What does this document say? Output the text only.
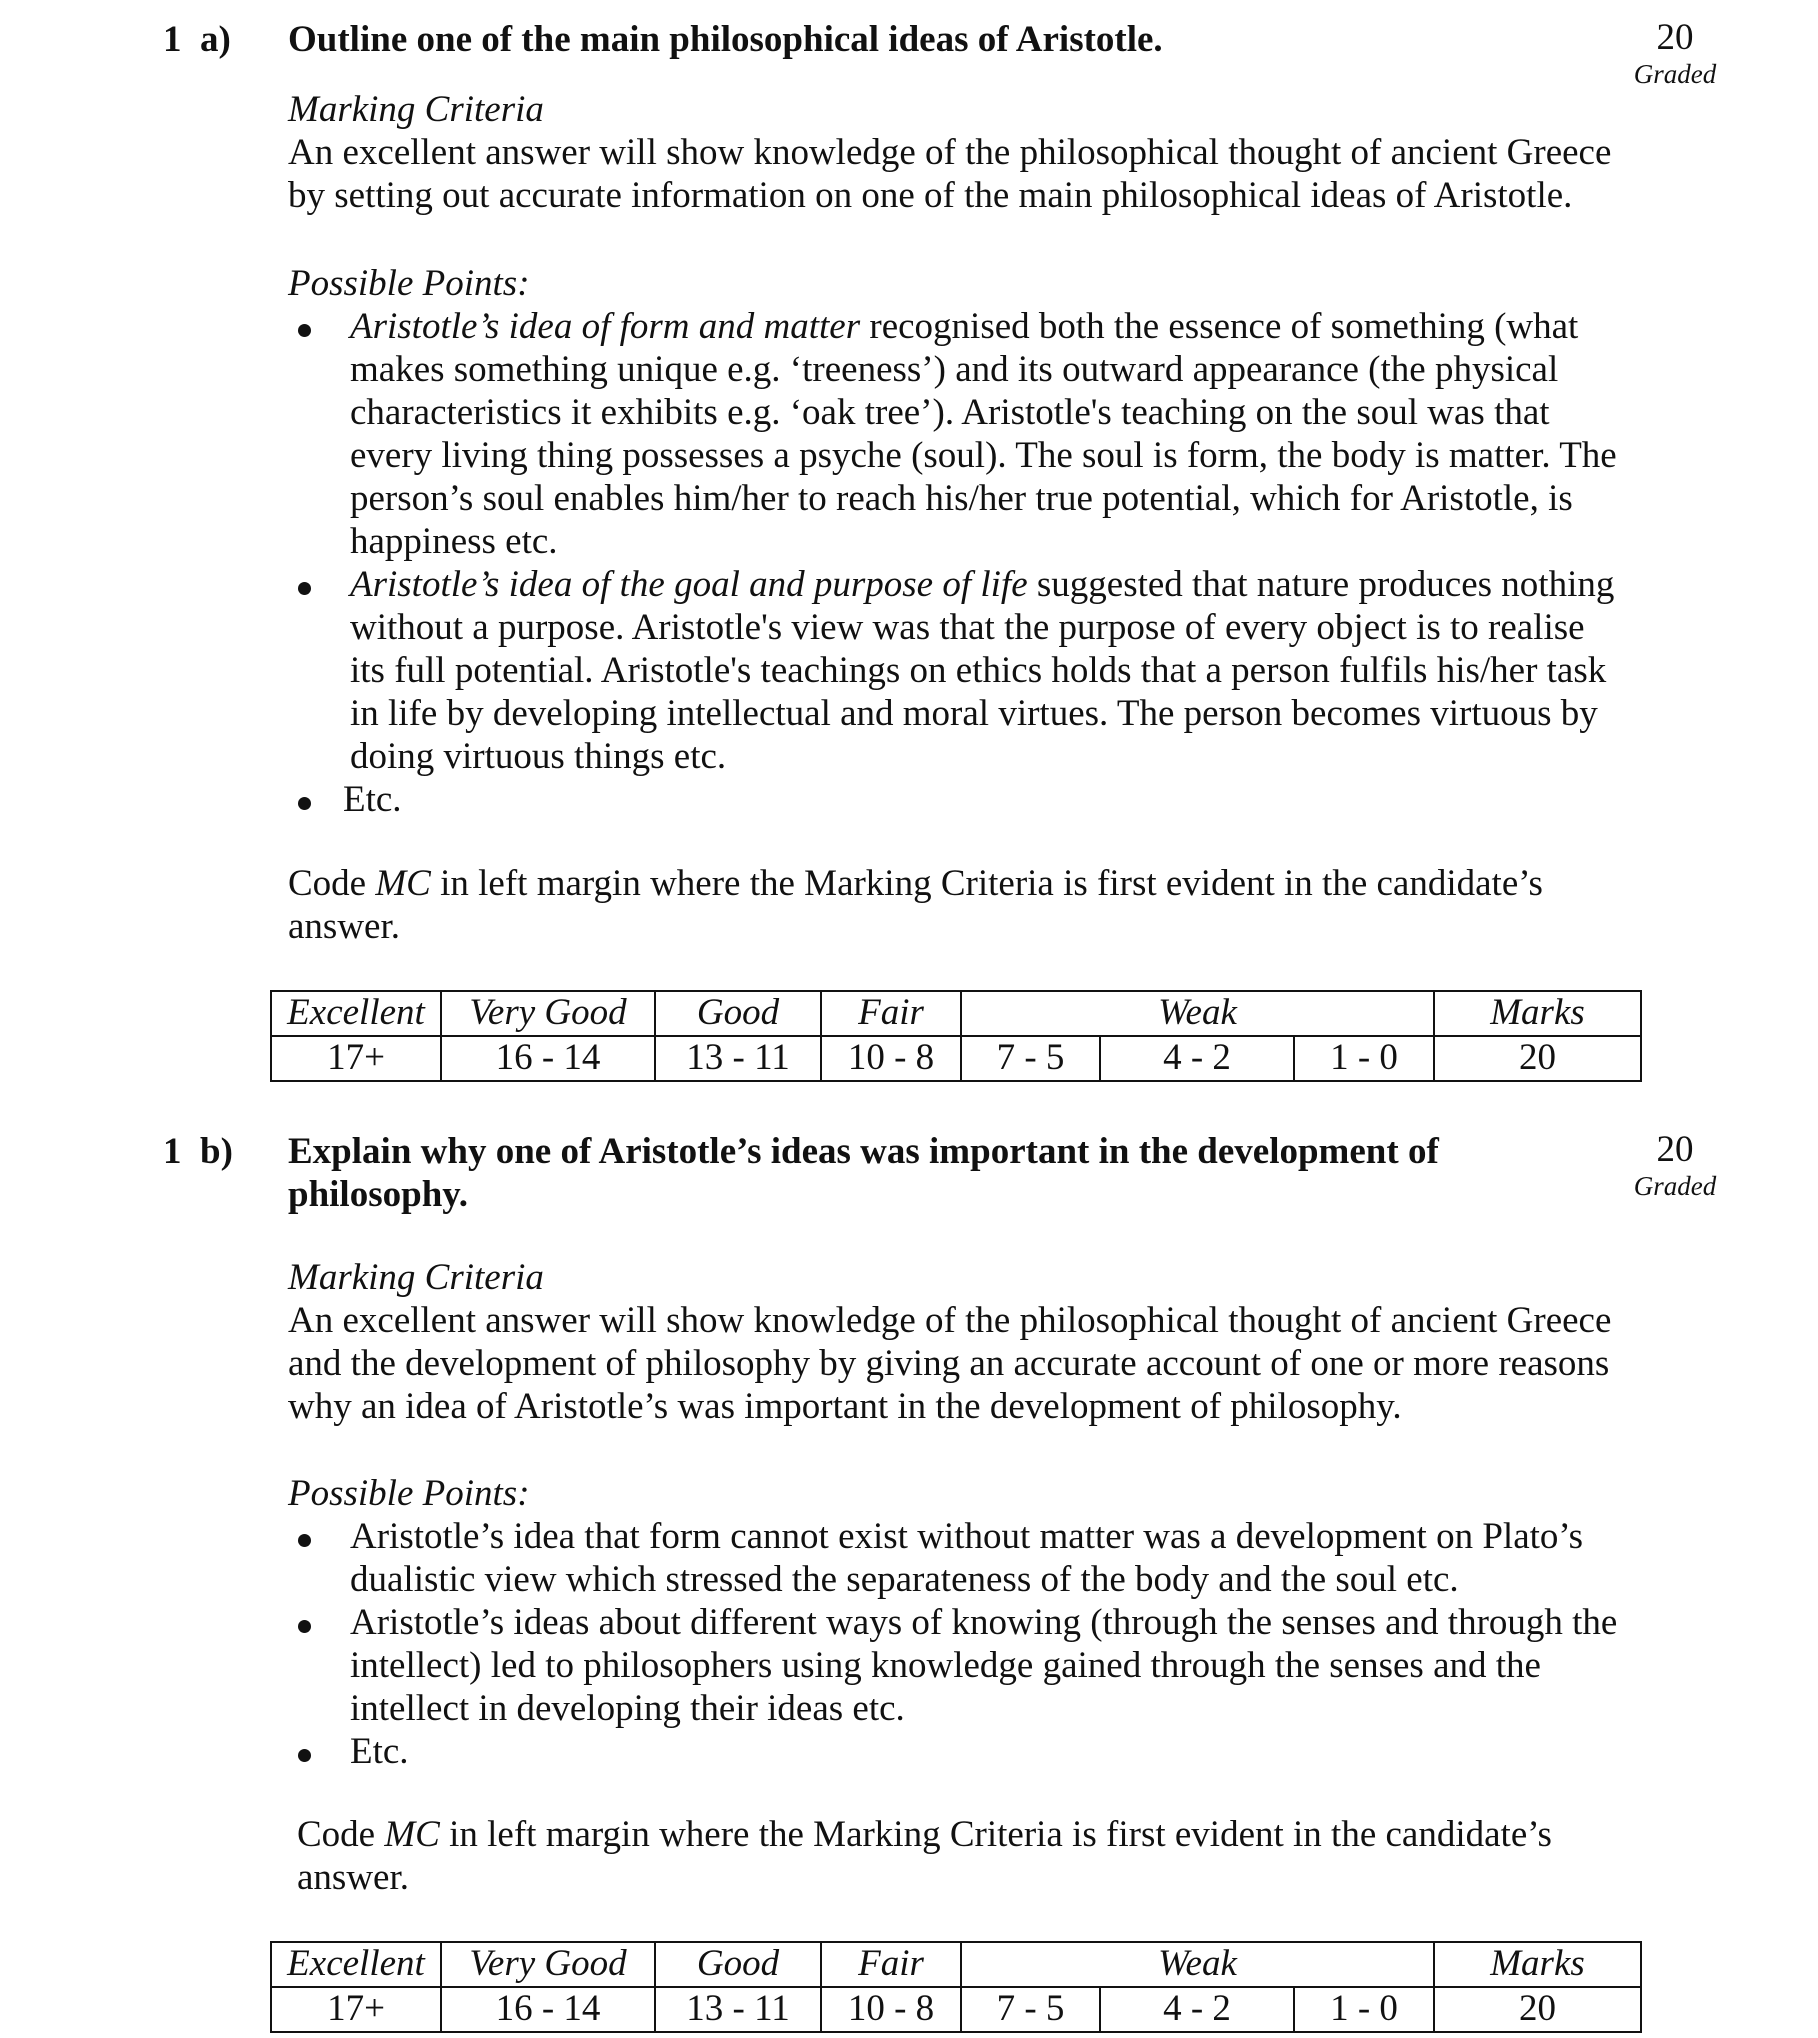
1 a) Outline one of the main philosophical ideas of Aristotle.	20
Graded

Marking Criteria

An excellent answer will show knowledge of the philosophical thought of ancient Greece by setting out accurate information on one of the main philosophical ideas of Aristotle.

Possible Points:

Aristotle’s idea of form and matter recognised both the essence of something (what makes something unique e.g. ‘treeness’) and its outward appearance (the physical characteristics it exhibits e.g. ‘oak tree’). Aristotle's teaching on the soul was that every living thing possesses a psyche (soul). The soul is form, the body is matter. The person’s soul enables him/her to reach his/her true potential, which for Aristotle, is happiness etc.
Aristotle’s idea of the goal and purpose of life suggested that nature produces nothing without a purpose. Aristotle's view was that the purpose of every object is to realise its full potential. Aristotle's teachings on ethics holds that a person fulfils his/her task in life by developing intellectual and moral virtues. The person becomes virtuous by doing virtuous things etc.
Etc.
Code MC in left margin where the Marking Criteria is first evident in the candidate’s answer.
Excellent	Very Good	Good	Fair	Weak			Marks
17+	16 - 14	13 - 11	10 - 8	7 - 5	4 - 2	1 - 0	20
1 b) Explain why one of Aristotle’s ideas was important in the development of philosophy.
20
Graded

Marking Criteria

An excellent answer will show knowledge of the philosophical thought of ancient Greece and the development of philosophy by giving an accurate account of one or more reasons why an idea of Aristotle’s was important in the development of philosophy.

Possible Points:

Aristotle’s idea that form cannot exist without matter was a development on Plato’s dualistic view which stressed the separateness of the body and the soul etc.
Aristotle’s ideas about different ways of knowing (through the senses and through the intellect) led to philosophers using knowledge gained through the senses and the intellect in developing their ideas etc.
Etc.
Code MC in left margin where the Marking Criteria is first evident in the candidate’s answer.
Excellent	Very Good	Good	Fair	Weak			Marks
17+	16 - 14	13 - 11	10 - 8	7 - 5	4 - 2	1 - 0	20
